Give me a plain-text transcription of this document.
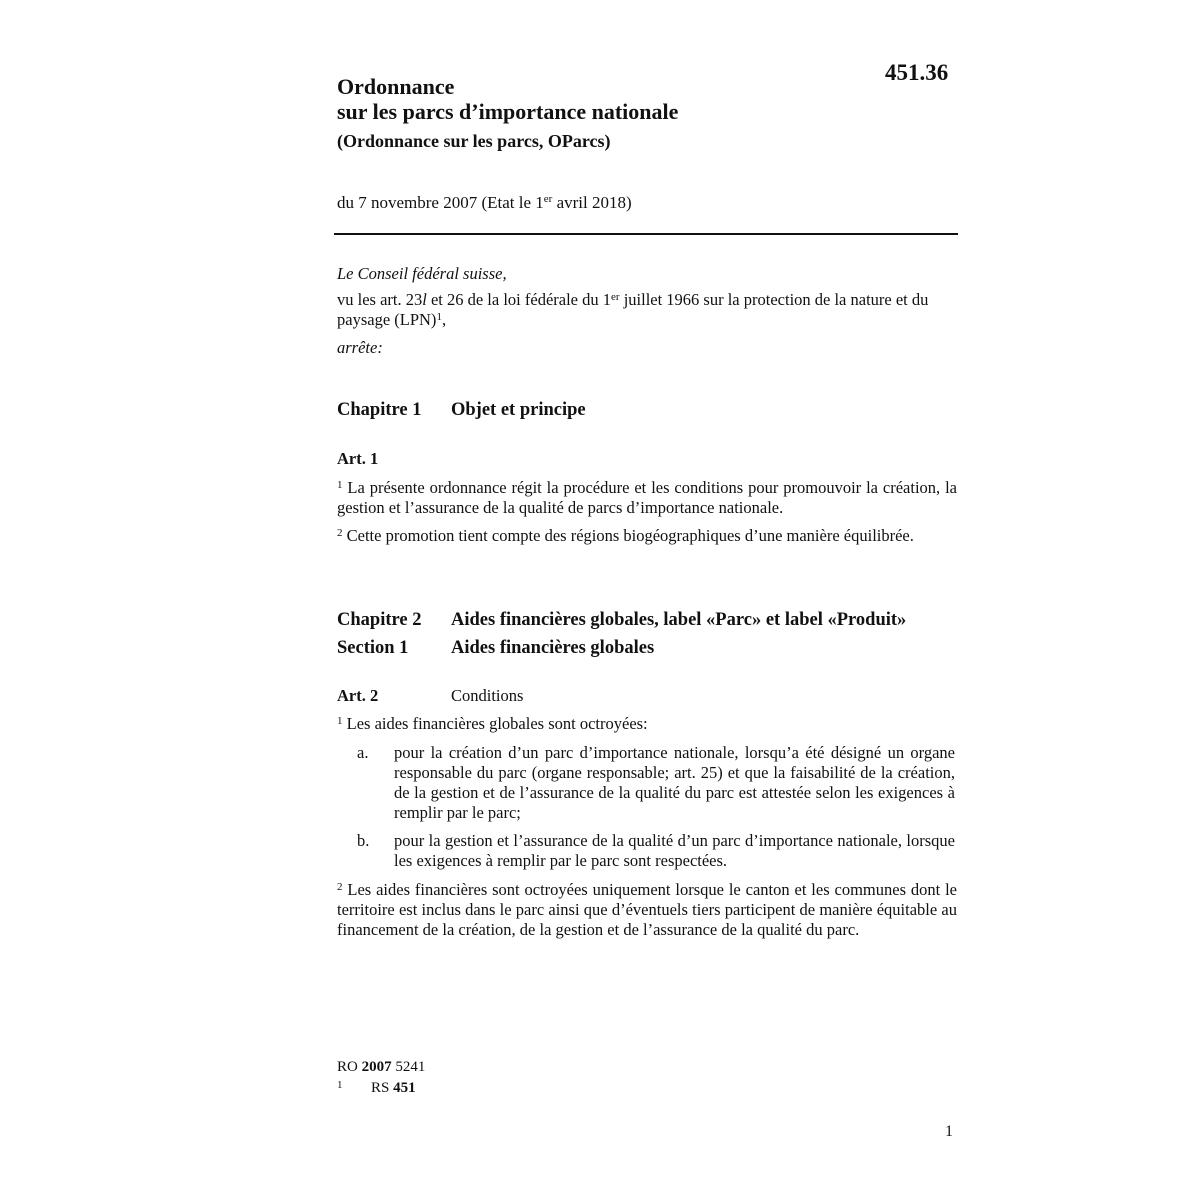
451.36
Ordonnance
sur les parcs d’importance nationale
(Ordonnance sur les parcs, OParcs)
du 7 novembre 2007 (Etat le 1er avril 2018)
Le Conseil fédéral suisse,
vu les art. 23l et 26 de la loi fédérale du 1er juillet 1966 sur la protection de la nature et du paysage (LPN)$^1$,
arrête:
Chapitre 1 Objet et principe
Art. 1
$^1$ La présente ordonnance régit la procédure et les conditions pour promouvoir la création, la gestion et l’assurance de la qualité de parcs d’importance nationale.
$^2$ Cette promotion tient compte des régions biogéographiques d’une manière équilibrée.
Chapitre 2 Aides financières globales, label «Parc» et label «Produit»
Section 1 Aides financières globales
Art. 2	Conditions
$^1$ Les aides financières globales sont octroyées:
a. pour la création d’un parc d’importance nationale, lorsqu’a été désigné un organe responsable du parc (organe responsable; art. 25) et que la faisabilité de la création, de la gestion et de l’assurance de la qualité du parc est attestée selon les exigences à remplir par le parc;
b. pour la gestion et l’assurance de la qualité d’un parc d’importance nationale, lorsque les exigences à remplir par le parc sont respectées.
$^2$ Les aides financières sont octroyées uniquement lorsque le canton et les communes dont le territoire est inclus dans le parc ainsi que d’éventuels tiers participent de manière équitable au financement de la création, de la gestion et de l’assurance de la qualité du parc.
RO 2007 5241
1 RS 451
1
